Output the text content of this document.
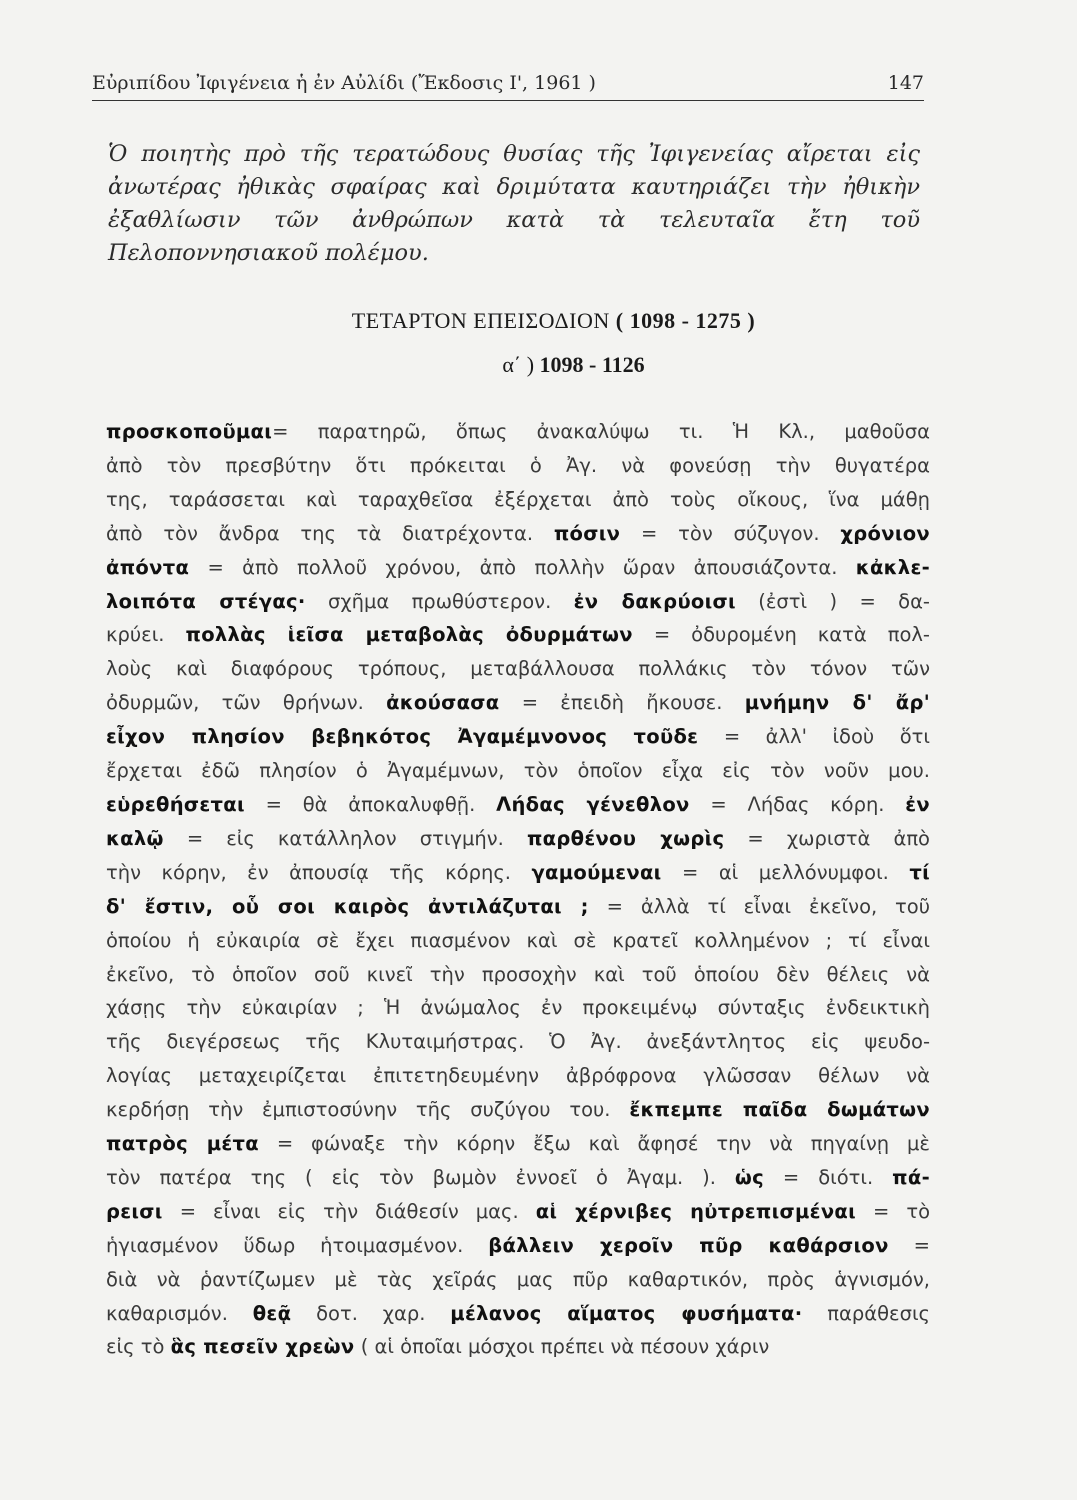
Εὐριπίδου Ἰφιγένεια ἡ ἐν Αὐλίδι (Ἔκδοσις Ι', 1961 )	147
Ὁ ποιητὴς πρὸ τῆς τερατώδους θυσίας τῆς Ἰφιγενείας αἴρεται εἰς ἀνωτέρας ἠθικὰς σφαίρας καὶ δριμύτατα καυτηριάζει τὴν ἠθικὴν ἐξαθλίωσιν τῶν ἀνθρώπων κατὰ τὰ τελευταῖα ἔτη τοῦ Πελοποννησιακοῦ πολέμου.
ΤΕΤΑΡΤΟΝ ΕΠΕΙΣΟΔΙΟΝ ( 1098 - 1275 )
α΄ ) 1098 - 1126
προσκοποῦμαι= παρατηρῶ, ὅπως ἀνακαλύψω τι. Ἡ Κλ., μαθοῦσα
ἀπὸ τὸν πρεσβύτην ὅτι πρόκειται ὁ Ἀγ. νὰ φονεύσῃ τὴν θυγατέρα
της, ταράσσεται καὶ ταραχθεῖσα ἐξέρχεται ἀπὸ τοὺς οἴκους, ἵνα μάθῃ
ἀπὸ τὸν ἄνδρα της τὰ διατρέχοντα. πόσιν = τὸν σύζυγον. χρόνιον
ἀπόντα = ἀπὸ πολλοῦ χρόνου, ἀπὸ πολλὴν ὥραν ἀπουσιάζοντα. κἀκλε-
λοιπότα στέγας· σχῆμα πρωθύστερον. ἐν δακρύοισι (ἐστὶ ) = δα-
κρύει. πολλὰς ἱεῖσα μεταβολὰς ὀδυρμάτων = ὀδυρομένη κατὰ πολ-
λοὺς καὶ διαφόρους τρόπους, μεταβάλλουσα πολλάκις τὸν τόνον τῶν
ὀδυρμῶν, τῶν θρήνων. ἀκούσασα = ἐπειδὴ ἤκουσε. μνήμην δ' ἄρ'
εἶχον πλησίον βεβηκότος Ἀγαμέμνονος τοῦδε = ἀλλ' ἰδοὺ ὅτι
ἔρχεται ἐδῶ πλησίον ὁ Ἀγαμέμνων, τὸν ὁποῖον εἶχα εἰς τὸν νοῦν μου.
εὑρεθήσεται = θὰ ἀποκαλυφθῇ. Λήδας γένεθλον = Λήδας κόρη. ἐν
καλῷ = εἰς κατάλληλον στιγμήν. παρθένου χωρὶς = χωριστὰ ἀπὸ
τὴν κόρην, ἐν ἀπουσίᾳ τῆς κόρης. γαμούμεναι = αἱ μελλόνυμφοι. τί
δ' ἔστιν, οὗ σοι καιρὸς ἀντιλάζυται ; = ἀλλὰ τί εἶναι ἐκεῖνο, τοῦ
ὁποίου ἡ εὐκαιρία σὲ ἔχει πιασμένον καὶ σὲ κρατεῖ κολλημένον ; τί εἶναι
ἐκεῖνο, τὸ ὁποῖον σοῦ κινεῖ τὴν προσοχὴν καὶ τοῦ ὁποίου δὲν θέλεις νὰ
χάσῃς τὴν εὐκαιρίαν ; Ἡ ἀνώμαλος ἐν προκειμένῳ σύνταξις ἐνδεικτικὴ
τῆς διεγέρσεως τῆς Κλυταιμήστρας. Ὁ Ἀγ. ἀνεξάντλητος εἰς ψευδο-
λογίας μεταχειρίζεται ἐπιτετηδευμένην ἀβρόφρονα γλῶσσαν θέλων νὰ
κερδήσῃ τὴν ἐμπιστοσύνην τῆς συζύγου του. ἔκπεμπε παῖδα δωμάτων
πατρὸς μέτα = φώναξε τὴν κόρην ἔξω καὶ ἄφησέ την νὰ πηγαίνῃ μὲ
τὸν πατέρα της ( εἰς τὸν βωμὸν ἐννοεῖ ὁ Ἀγαμ. ). ὡς = διότι. πά-
ρεισι = εἶναι εἰς τὴν διάθεσίν μας. αἱ χέρνιβες ηὐτρεπισμέναι = τὸ
ἡγιασμένον ὕδωρ ἡτοιμασμένον. βάλλειν χεροῖν πῦρ καθάρσιον =
διὰ νὰ ῥαντίζωμεν μὲ τὰς χεῖράς μας πῦρ καθαρτικόν, πρὸς ἁγνισμόν,
καθαρισμόν. θεᾷ δοτ. χαρ. μέλανος αἵματος φυσήματα· παράθεσις
εἰς τὸ ἃς πεσεῖν χρεὼν ( αἱ ὁποῖαι μόσχοι πρέπει νὰ πέσουν χάριν
